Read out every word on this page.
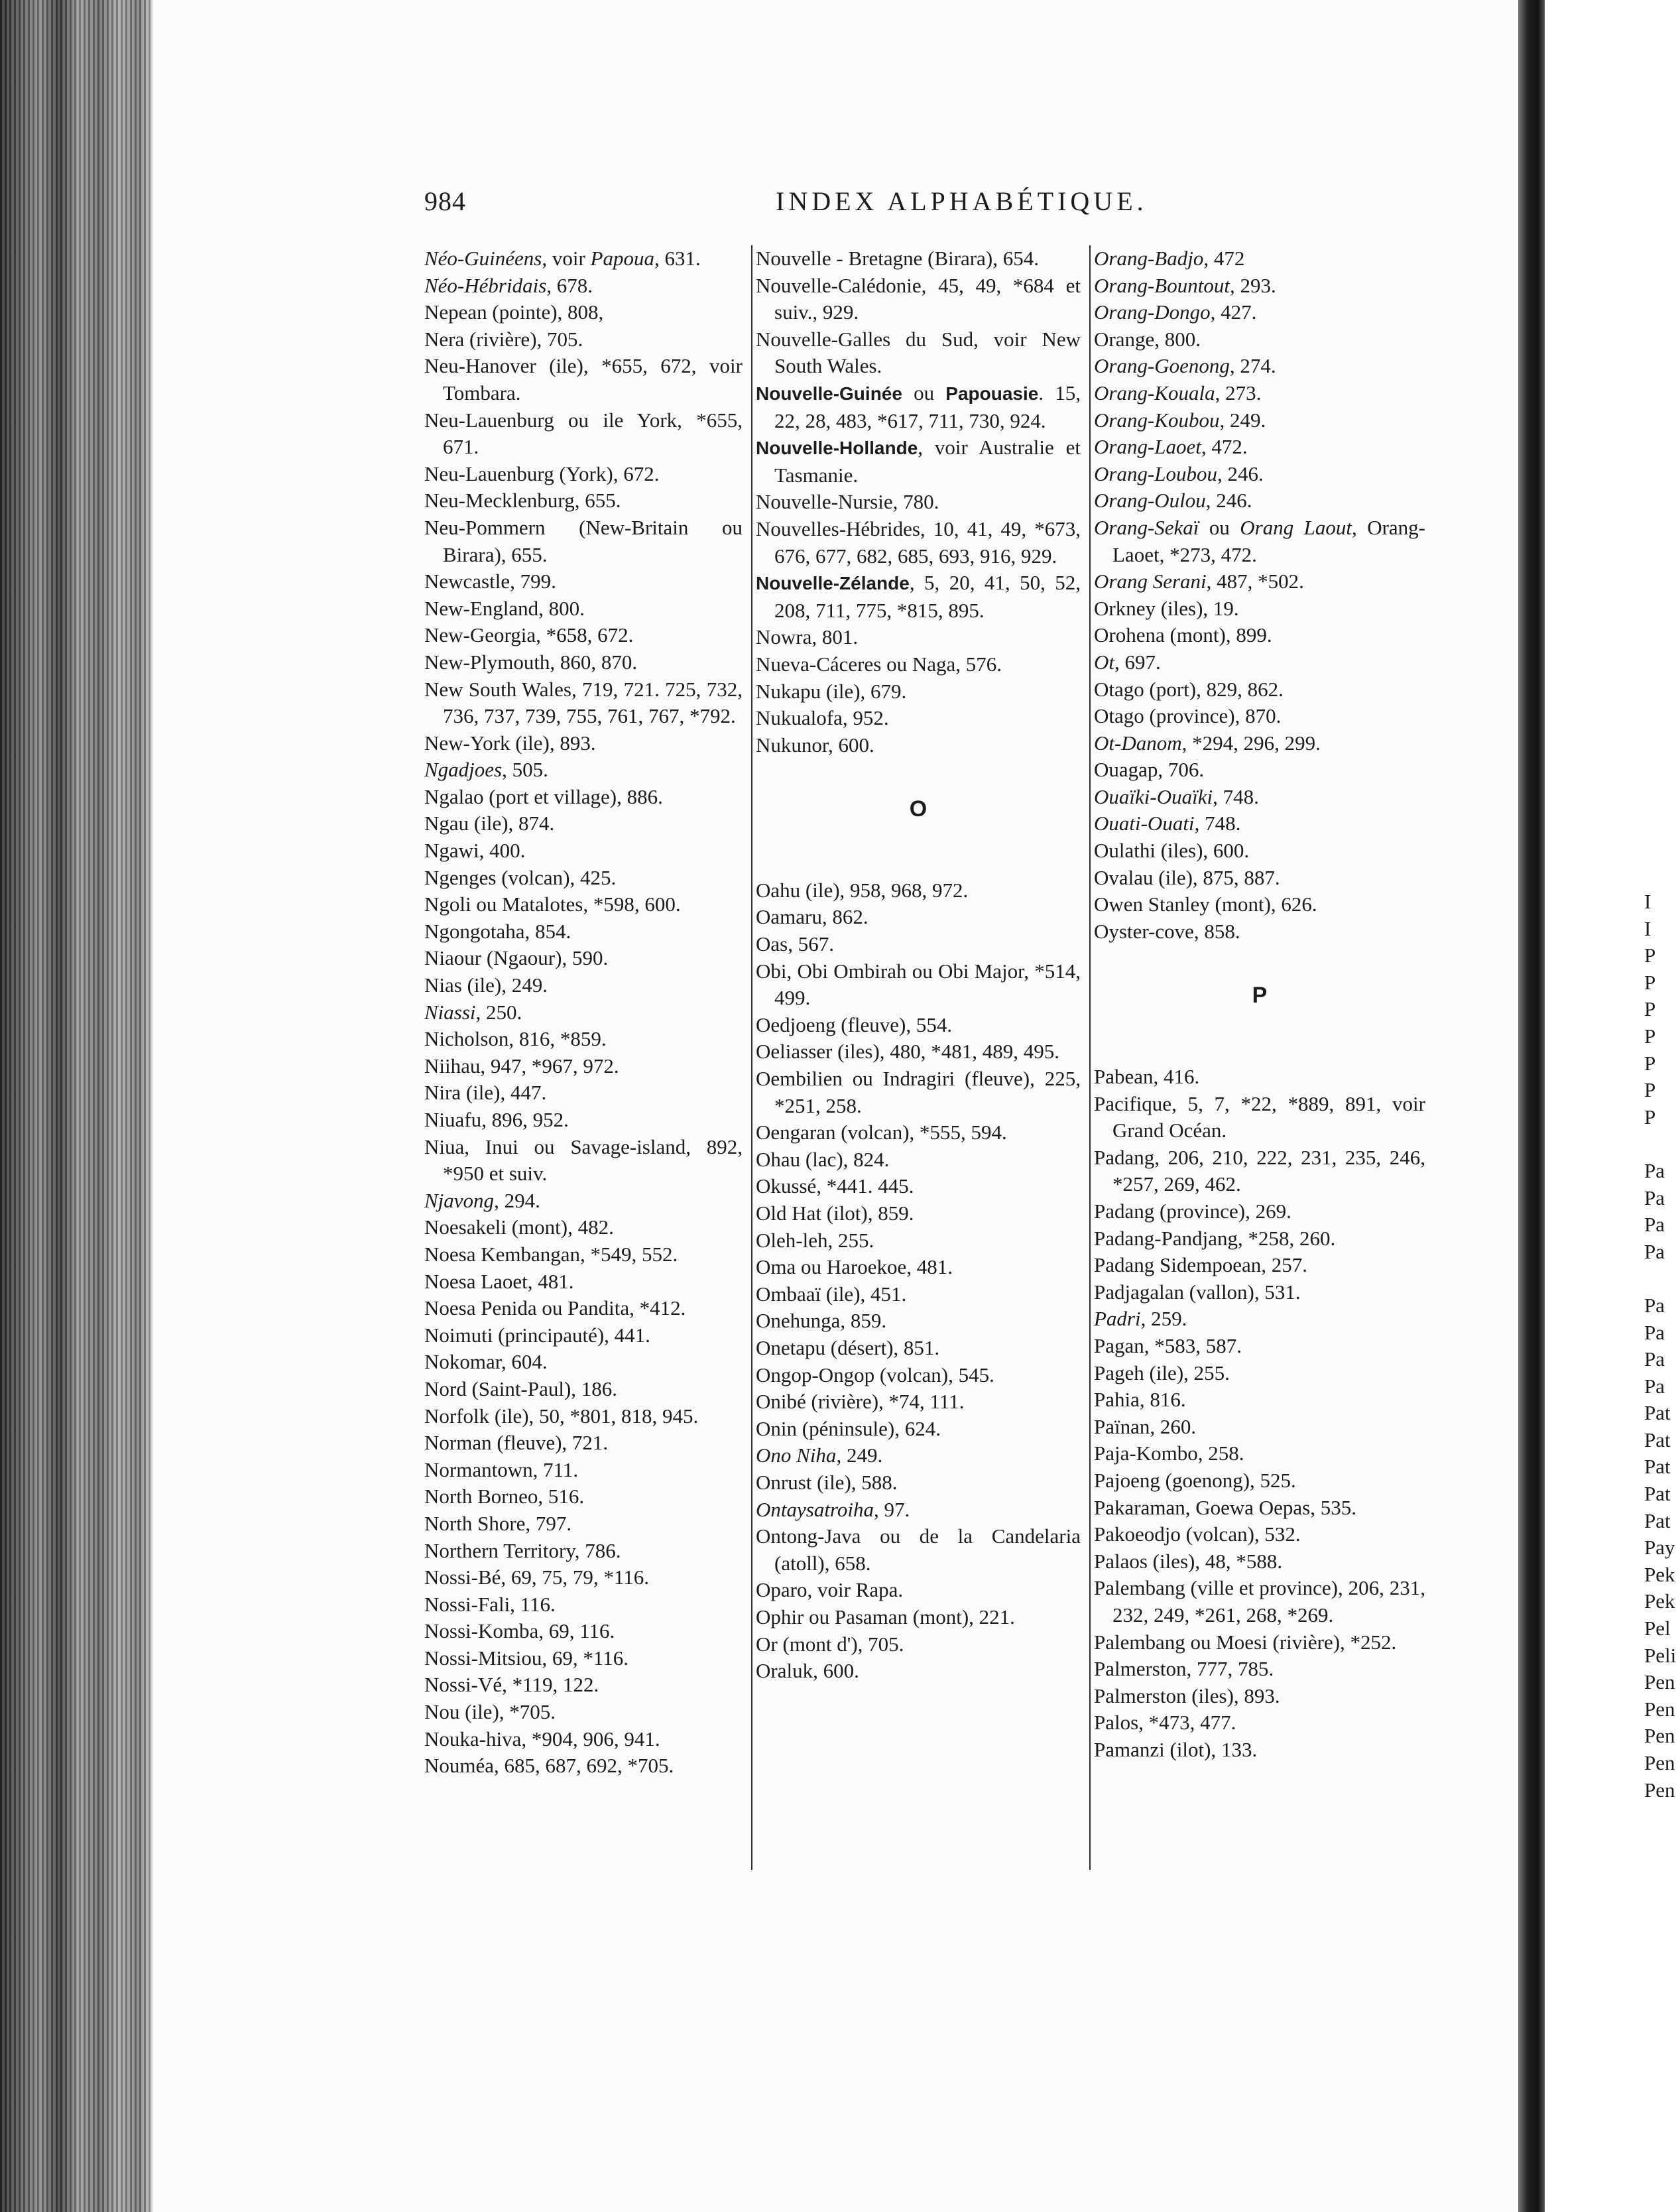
984	INDEX ALPHABÉTIQUE.
Néo-Guinéens, voir Papoua, 631.
Néo-Hébridais, 678.
Nepean (pointe), 808,
Nera (rivière), 705.
Neu-Hanover (ile), *655, 672, voir Tombara.
Neu-Lauenburg ou ile York, *655, 671.
Neu-Lauenburg (York), 672.
Neu-Mecklenburg, 655.
Neu-Pommern (New-Britain ou Birara), 655.
Newcastle, 799.
New-England, 800.
New-Georgia, *658, 672.
New-Plymouth, 860, 870.
New South Wales, 719, 721. 725, 732, 736, 737, 739, 755, 761, 767, *792.
New-York (ile), 893.
Ngadjoes, 505.
Ngalao (port et village), 886.
Ngau (ile), 874.
Ngawi, 400.
Ngenges (volcan), 425.
Ngoli ou Matalotes, *598, 600.
Ngongotaha, 854.
Niaour (Ngaour), 590.
Nias (ile), 249.
Niassi, 250.
Nicholson, 816, *859.
Niihau, 947, *967, 972.
Nira (ile), 447.
Niuafu, 896, 952.
Niua, Inui ou Savage-island, 892, *950 et suiv.
Njavong, 294.
Noesakeli (mont), 482.
Noesa Kembangan, *549, 552.
Noesa Laoet, 481.
Noesa Penida ou Pandita, *412.
Noimuti (principauté), 441.
Nokomar, 604.
Nord (Saint-Paul), 186.
Norfolk (ile), 50, *801, 818, 945.
Norman (fleuve), 721.
Normantown, 711.
North Borneo, 516.
North Shore, 797.
Northern Territory, 786.
Nossi-Bé, 69, 75, 79, *116.
Nossi-Fali, 116.
Nossi-Komba, 69, 116.
Nossi-Mitsiou, 69, *116.
Nossi-Vé, *119, 122.
Nou (ile), *705.
Nouka-hiva, *904, 906, 941.
Nouméa, 685, 687, 692, *705.
Nouvelle - Bretagne (Birara), 654.
Nouvelle-Calédonie, 45, 49, *684 et suiv., 929.
Nouvelle-Galles du Sud, voir New South Wales.
Nouvelle-Guinée ou Papouasie. 15, 22, 28, 483, *617, 711, 730, 924.
Nouvelle-Hollande, voir Australie et Tasmanie.
Nouvelle-Nursie, 780.
Nouvelles-Hébrides, 10, 41, 49, *673, 676, 677, 682, 685, 693, 916, 929.
Nouvelle-Zélande, 5, 20, 41, 50, 52, 208, 711, 775, *815, 895.
Nowra, 801.
Nueva-Cáceres ou Naga, 576.
Nukapu (ile), 679.
Nukualofa, 952.
Nukunor, 600.
O
Oahu (ile), 958, 968, 972.
Oamaru, 862.
Oas, 567.
Obi, Obi Ombirah ou Obi Major, *514, 499.
Oedjoeng (fleuve), 554.
Oeliasser (iles), 480, *481, 489, 495.
Oembilien ou Indragiri (fleuve), 225, *251, 258.
Oengaran (volcan), *555, 594.
Ohau (lac), 824.
Okussé, *441. 445.
Old Hat (ilot), 859.
Oleh-leh, 255.
Oma ou Haroekoe, 481.
Ombaaï (ile), 451.
Onehunga, 859.
Onetapu (désert), 851.
Ongop-Ongop (volcan), 545.
Onibé (rivière), *74, 111.
Onin (péninsule), 624.
Ono Niha, 249.
Onrust (ile), 588.
Ontaysatroiha, 97.
Ontong-Java ou de la Candelaria (atoll), 658.
Oparo, voir Rapa.
Ophir ou Pasaman (mont), 221.
Or (mont d'), 705.
Oraluk, 600.
Orang-Badjo, 472
Orang-Bountout, 293.
Orang-Dongo, 427.
Orange, 800.
Orang-Goenong, 274.
Orang-Kouala, 273.
Orang-Koubou, 249.
Orang-Laoet, 472.
Orang-Loubou, 246.
Orang-Oulou, 246.
Orang-Sekaï ou Orang Laout, Orang-Laoet, *273, 472.
Orang Serani, 487, *502.
Orkney (iles), 19.
Orohena (mont), 899.
Ot, 697.
Otago (port), 829, 862.
Otago (province), 870.
Ot-Danom, *294, 296, 299.
Ouagap, 706.
Ouaïki-Ouaïki, 748.
Ouati-Ouati, 748.
Oulathi (iles), 600.
Ovalau (ile), 875, 887.
Owen Stanley (mont), 626.
Oyster-cove, 858.
P
Pabean, 416.
Pacifique, 5, 7, *22, *889, 891, voir Grand Océan.
Padang, 206, 210, 222, 231, 235, 246, *257, 269, 462.
Padang (province), 269.
Padang-Pandjang, *258, 260.
Padang Sidempoean, 257.
Padjagalan (vallon), 531.
Padri, 259.
Pagan, *583, 587.
Pageh (ile), 255.
Pahia, 816.
Païnan, 260.
Paja-Kombo, 258.
Pajoeng (goenong), 525.
Pakaraman, Goewa Oepas, 535.
Pakoeodjo (volcan), 532.
Palaos (iles), 48, *588.
Palembang (ville et province), 206, 231, 232, 249, *261, 268, *269.
Palembang ou Moesi (rivière), *252.
Palmerston, 777, 785.
Palmerston (iles), 893.
Palos, *473, 477.
Pamanzi (ilot), 133.
I
I
P
P
P
P
P
P
P
Pa
Pa
Pa
Pa
Pa
Pa
Pa
Pa
Pat
Pat
Pat
Pat
Pat
Pay
Pek
Pek
Pel
Peli
Pen
Pen
Pen
Pen
Pen
